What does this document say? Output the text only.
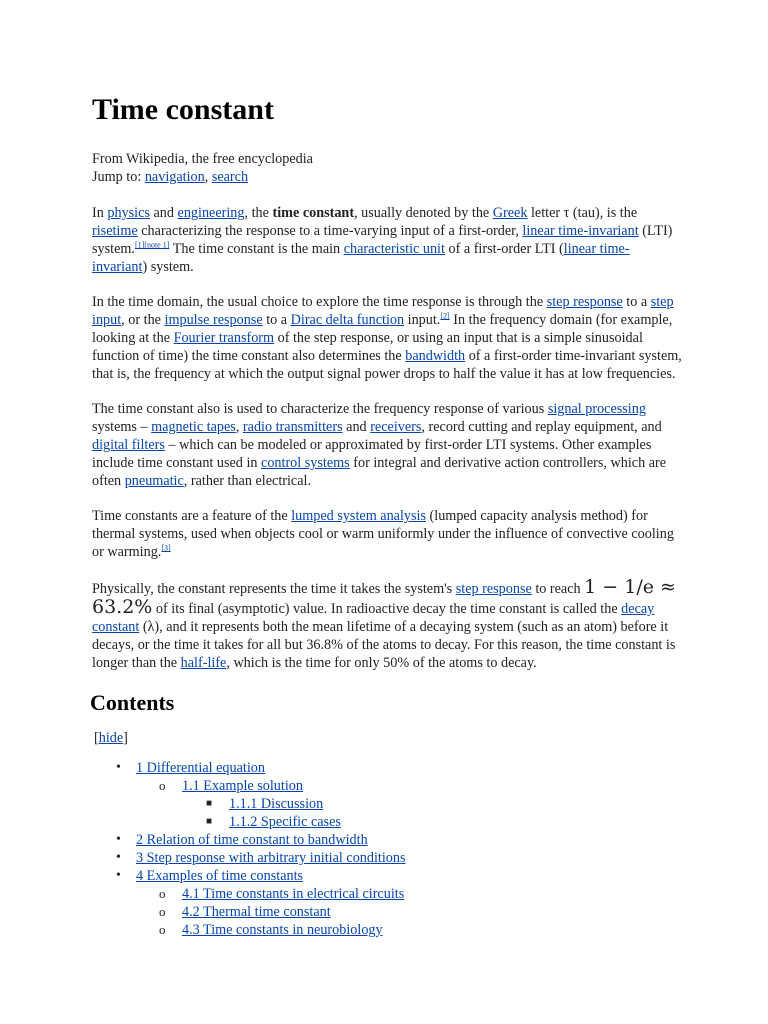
Time constant
From Wikipedia, the free encyclopedia
Jump to: navigation, search

In physics and engineering, the time constant, usually denoted by the Greek letter τ (tau), is the risetime characterizing the response to a time-varying input of a first-order, linear time-invariant (LTI) system.[1][note 1] The time constant is the main characteristic unit of a first-order LTI (linear time-invariant) system.

In the time domain, the usual choice to explore the time response is through the step response to a step input, or the impulse response to a Dirac delta function input.[2] In the frequency domain (for example, looking at the Fourier transform of the step response, or using an input that is a simple sinusoidal function of time) the time constant also determines the bandwidth of a first-order time-invariant system, that is, the frequency at which the output signal power drops to half the value it has at low frequencies.

The time constant also is used to characterize the frequency response of various signal processing systems – magnetic tapes, radio transmitters and receivers, record cutting and replay equipment, and digital filters – which can be modeled or approximated by first-order LTI systems. Other examples include time constant used in control systems for integral and derivative action controllers, which are often pneumatic, rather than electrical.

Time constants are a feature of the lumped system analysis (lumped capacity analysis method) for thermal systems, used when objects cool or warm uniformly under the influence of convective cooling or warming.[3]

Physically, the constant represents the time it takes the system's step response to reach 1 − 1/e ≈ 63.2% of its final (asymptotic) value. In radioactive decay the time constant is called the decay constant (λ), and it represents both the mean lifetime of a decaying system (such as an atom) before it decays, or the time it takes for all but 36.8% of the atoms to decay. For this reason, the time constant is longer than the half-life, which is the time for only 50% of the atoms to decay.

Contents
[hide]
• 1 Differential equation
o 1.1 Example solution
■ 1.1.1 Discussion
■ 1.1.2 Specific cases
• 2 Relation of time constant to bandwidth
• 3 Step response with arbitrary initial conditions
• 4 Examples of time constants
o 4.1 Time constants in electrical circuits
o 4.2 Thermal time constant
o 4.3 Time constants in neurobiology
